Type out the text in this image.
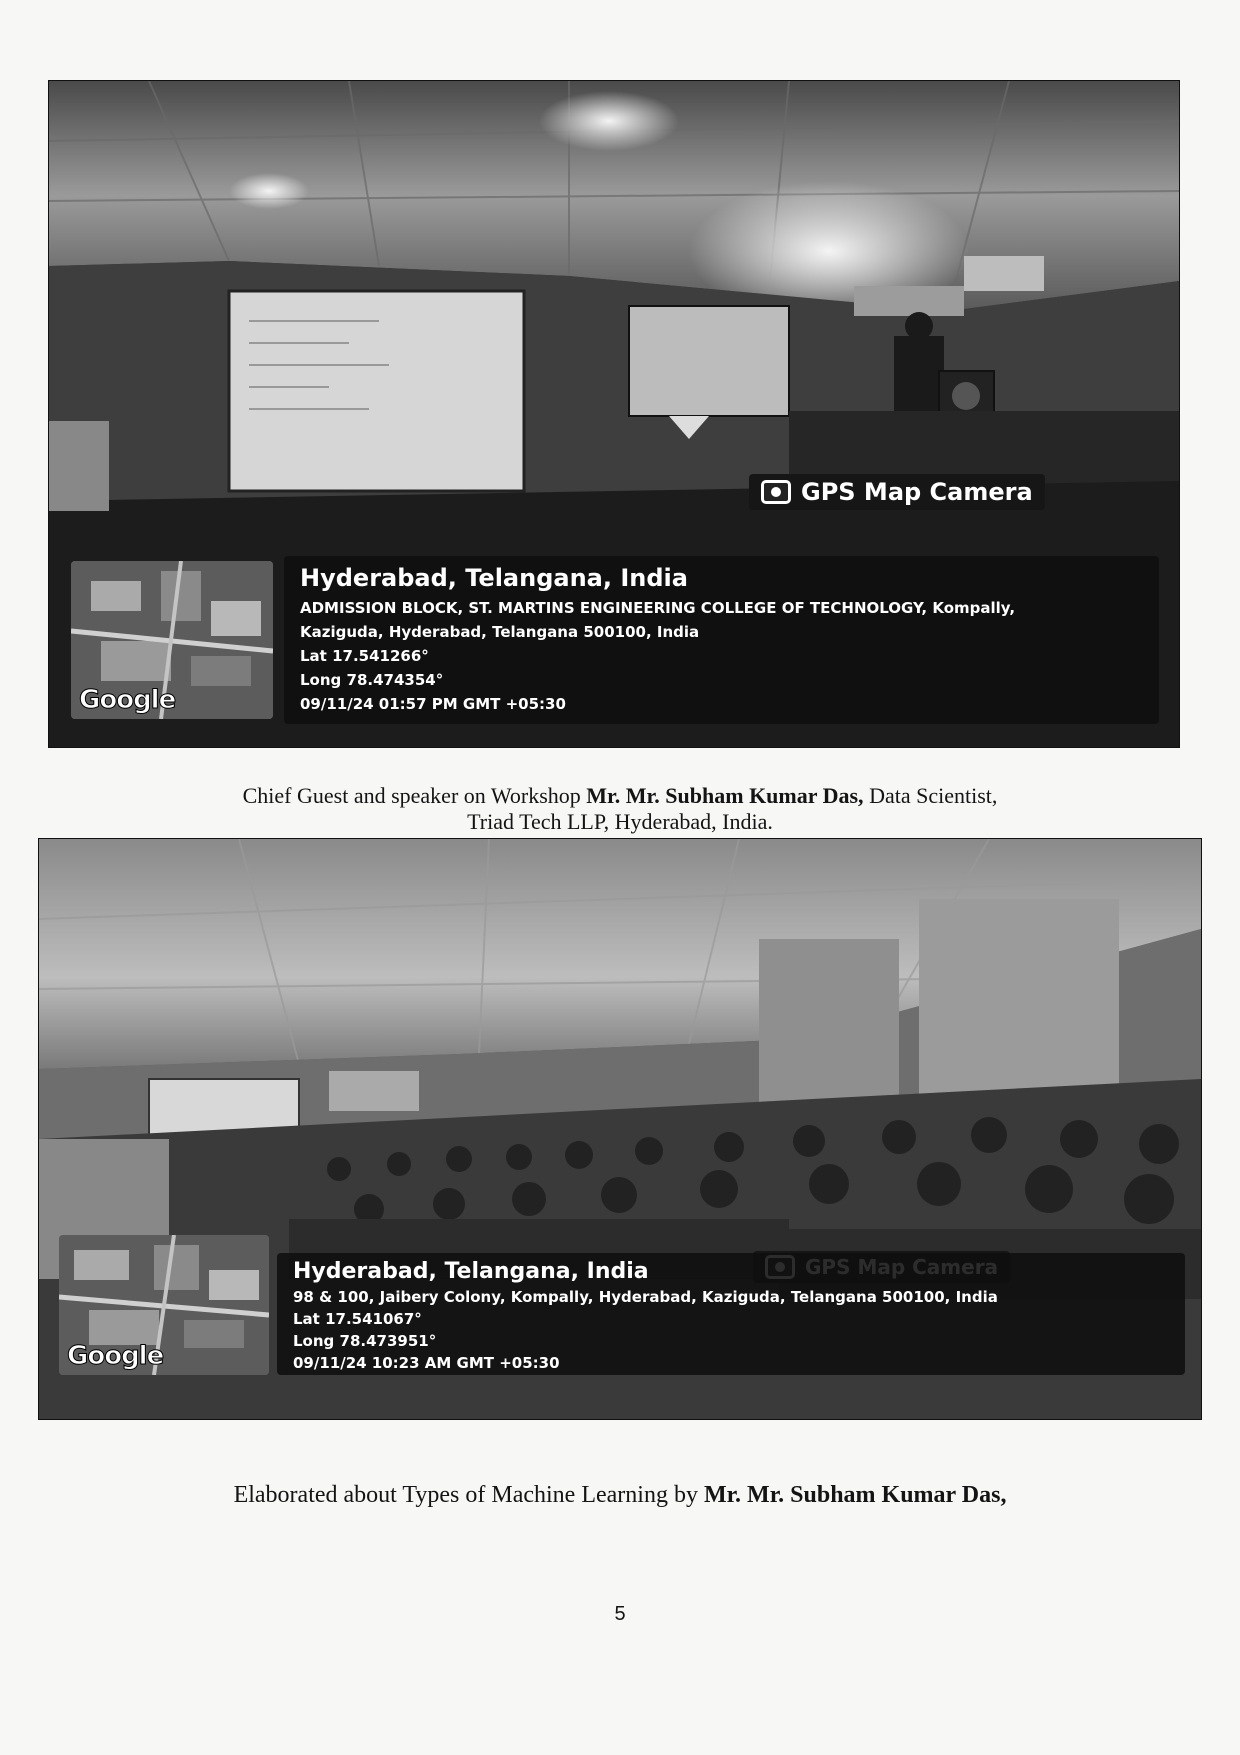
GPS Map Camera
Google
Hyderabad, Telangana, India
ADMISSION BLOCK, ST. MARTINS ENGINEERING COLLEGE OF TECHNOLOGY, Kompally,
Kaziguda, Hyderabad, Telangana 500100, India
Lat 17.541266°
Long 78.474354°
09/11/24 01:57 PM GMT +05:30
Chief Guest and speaker on Workshop Mr. Mr. Subham Kumar Das, Data Scientist,
Triad Tech LLP, Hyderabad, India.
Google
Hyderabad, Telangana, India
98 & 100, Jaibery Colony, Kompally, Hyderabad, Kaziguda, Telangana 500100, India
Lat 17.541067°
Long 78.473951°
09/11/24 10:23 AM GMT +05:30
Elaborated about Types of Machine Learning by Mr. Mr. Subham Kumar Das,
5
